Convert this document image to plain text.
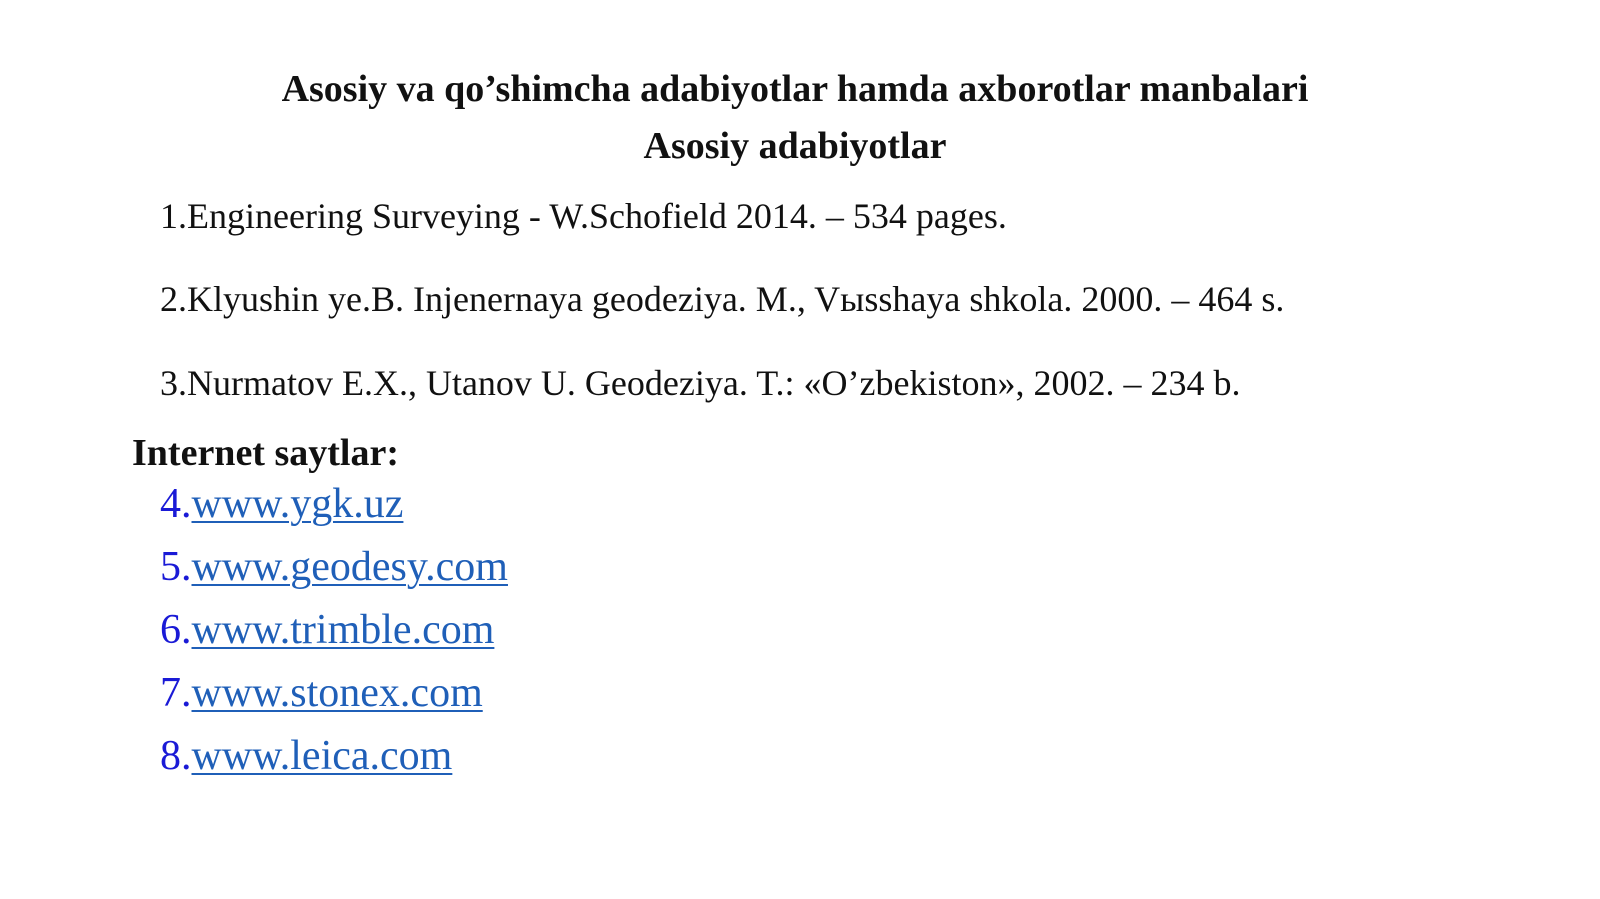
Asosiy va qo’shimcha adabiyotlar hamda axborotlar manbalari
Asosiy adabiyotlar
1.Engineering Surveying - W.Schofield 2014. – 534 pages.
2.Klyushin ye.B. Injenernaya geodeziya. M., Vыsshaya shkola. 2000. – 464 s.
3.Nurmatov E.X., Utanov U. Geodeziya. T.: «O’zbekiston», 2002. – 234 b.
Internet saytlar:
4.www.ygk.uz
5.www.geodesy.com
6.www.trimble.com
7.www.stonex.com
8.www.leica.com
